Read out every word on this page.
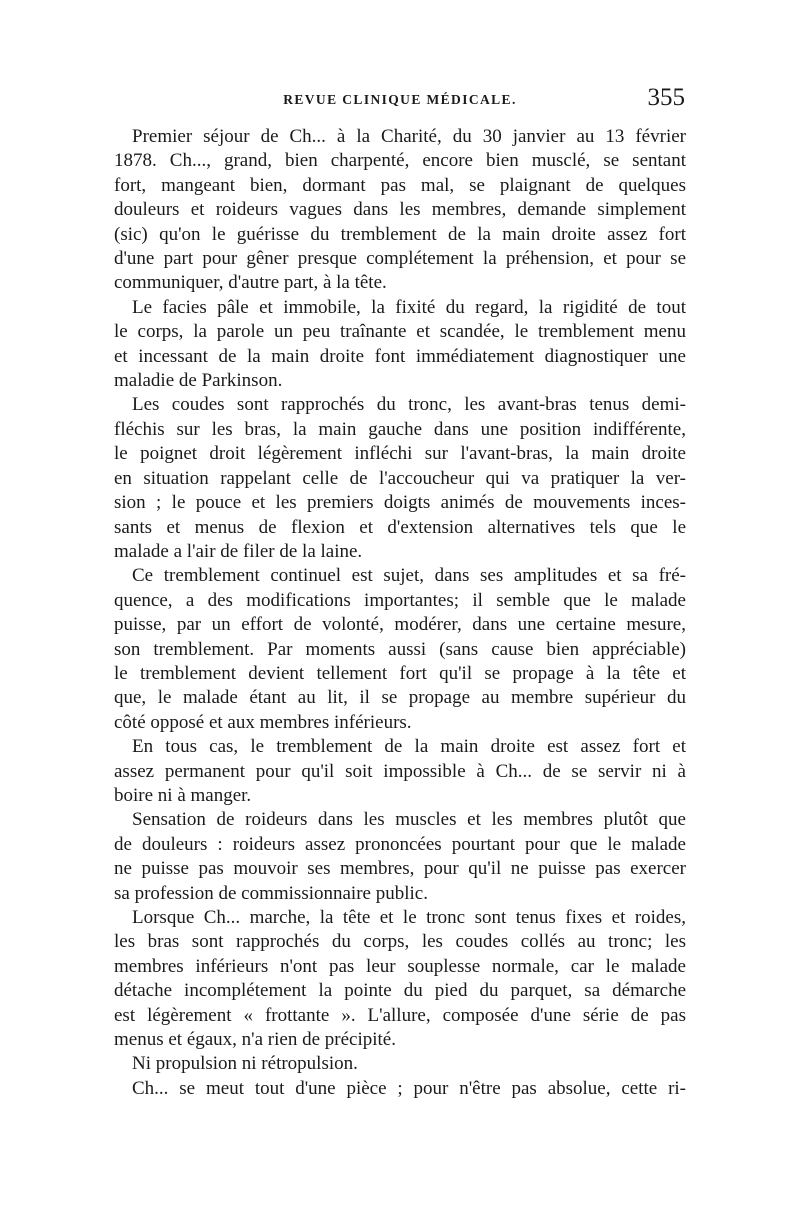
REVUE CLINIQUE MÉDICALE.	355
Premier séjour de Ch... à la Charité, du 30 janvier au 13 février
1878. Ch..., grand, bien charpenté, encore bien musclé, se sentant
fort, mangeant bien, dormant pas mal, se plaignant de quelques
douleurs et roideurs vagues dans les membres, demande simplement
(sic) qu'on le guérisse du tremblement de la main droite assez fort
d'une part pour gêner presque complétement la préhension, et pour se
communiquer, d'autre part, à la tête.
Le facies pâle et immobile, la fixité du regard, la rigidité de tout
le corps, la parole un peu traînante et scandée, le tremblement menu
et incessant de la main droite font immédiatement diagnostiquer une
maladie de Parkinson.
Les coudes sont rapprochés du tronc, les avant-bras tenus demi-
fléchis sur les bras, la main gauche dans une position indifférente,
le poignet droit légèrement infléchi sur l'avant-bras, la main droite
en situation rappelant celle de l'accoucheur qui va pratiquer la ver-
sion ; le pouce et les premiers doigts animés de mouvements inces-
sants et menus de flexion et d'extension alternatives tels que le
malade a l'air de filer de la laine.
Ce tremblement continuel est sujet, dans ses amplitudes et sa fré-
quence, a des modifications importantes; il semble que le malade
puisse, par un effort de volonté, modérer, dans une certaine mesure,
son tremblement. Par moments aussi (sans cause bien appréciable)
le tremblement devient tellement fort qu'il se propage à la tête et
que, le malade étant au lit, il se propage au membre supérieur du
côté opposé et aux membres inférieurs.
En tous cas, le tremblement de la main droite est assez fort et
assez permanent pour qu'il soit impossible à Ch... de se servir ni à
boire ni à manger.
Sensation de roideurs dans les muscles et les membres plutôt que
de douleurs : roideurs assez prononcées pourtant pour que le malade
ne puisse pas mouvoir ses membres, pour qu'il ne puisse pas exercer
sa profession de commissionnaire public.
Lorsque Ch... marche, la tête et le tronc sont tenus fixes et roides,
les bras sont rapprochés du corps, les coudes collés au tronc; les
membres inférieurs n'ont pas leur souplesse normale, car le malade
détache incomplétement la pointe du pied du parquet, sa démarche
est légèrement « frottante ». L'allure, composée d'une série de pas
menus et égaux, n'a rien de précipité.
Ni propulsion ni rétropulsion.
Ch... se meut tout d'une pièce ; pour n'être pas absolue, cette ri-
